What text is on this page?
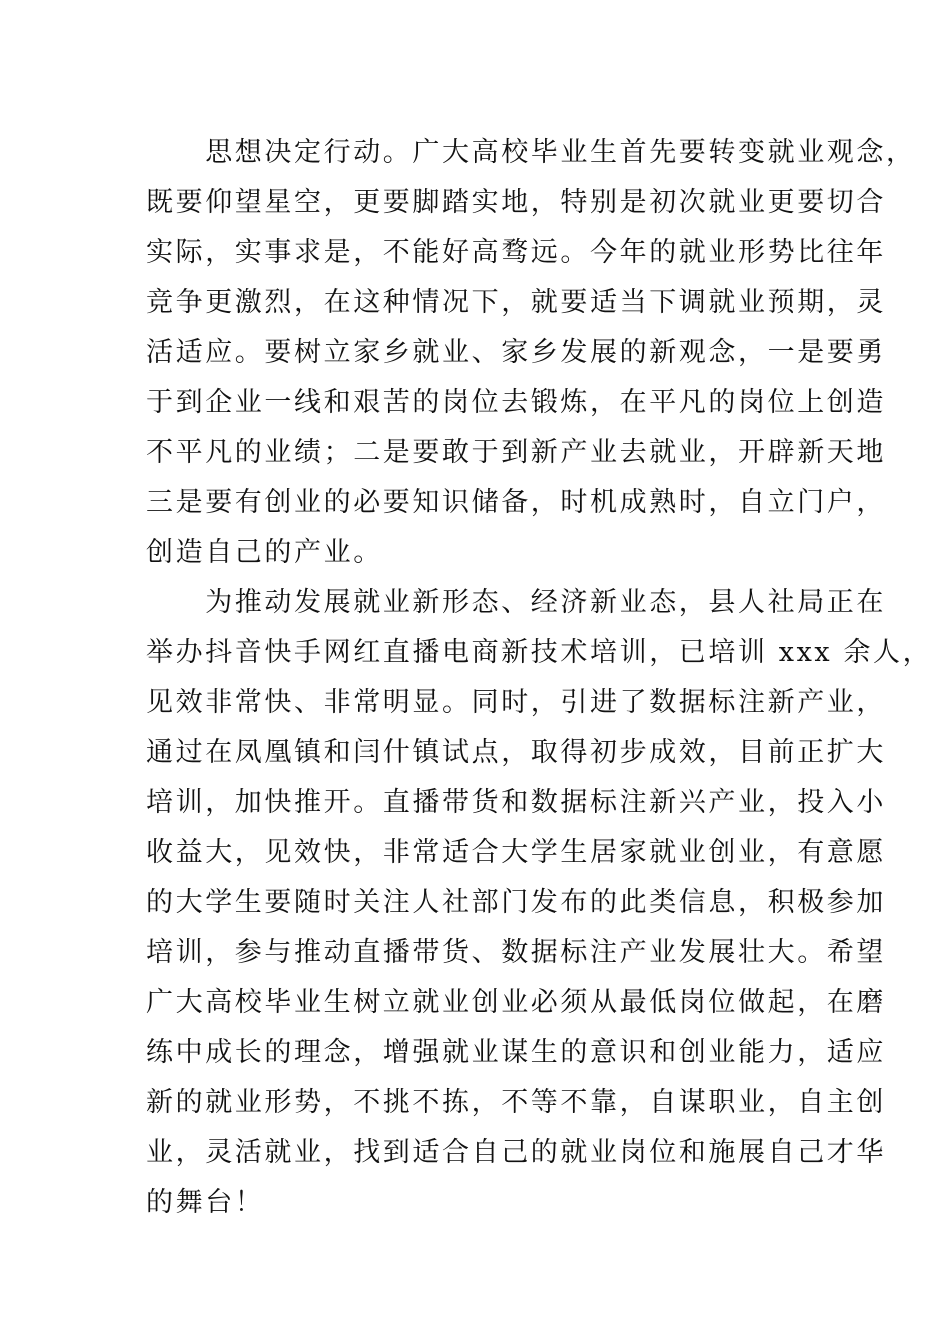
　　思想决定行动。广大高校毕业生首先要转变就业观念，
既要仰望星空，更要脚踏实地，特别是初次就业更要切合
实际，实事求是，不能好高骛远。今年的就业形势比往年
竞争更激烈，在这种情况下，就要适当下调就业预期，灵
活适应。要树立家乡就业、家乡发展的新观念，一是要勇
于到企业一线和艰苦的岗位去锻炼，在平凡的岗位上创造
不平凡的业绩；二是要敢于到新产业去就业，开辟新天地
三是要有创业的必要知识储备，时机成熟时，自立门户，
创造自己的产业。
　　为推动发展就业新形态、经济新业态，县人社局正在
举办抖音快手网红直播电商新技术培训，已培训 xxx 余人，
见效非常快、非常明显。同时，引进了数据标注新产业，
通过在凤凰镇和闫什镇试点，取得初步成效，目前正扩大
培训，加快推开。直播带货和数据标注新兴产业，投入小
收益大，见效快，非常适合大学生居家就业创业，有意愿
的大学生要随时关注人社部门发布的此类信息，积极参加
培训，参与推动直播带货、数据标注产业发展壮大。希望
广大高校毕业生树立就业创业必须从最低岗位做起，在磨
练中成长的理念，增强就业谋生的意识和创业能力，适应
新的就业形势，不挑不拣，不等不靠，自谋职业，自主创
业，灵活就业，找到适合自己的就业岗位和施展自己才华
的舞台！
